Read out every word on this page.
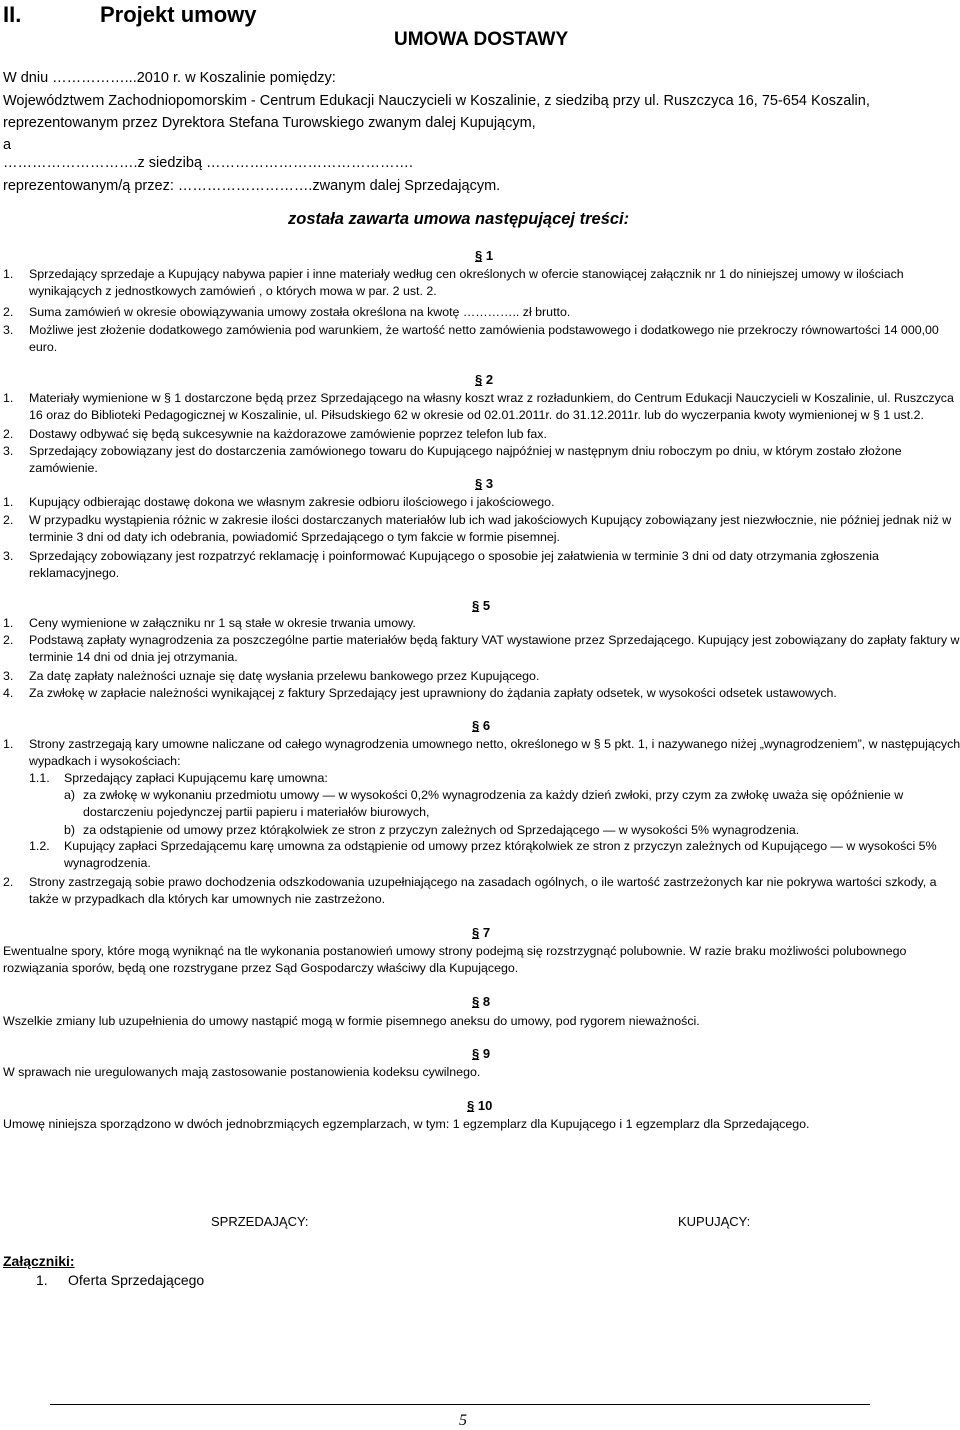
II.	Projekt umowy
UMOWA DOSTAWY
W dniu ……………...2010 r. w Koszalinie pomiędzy:
Województwem Zachodniopomorskim - Centrum Edukacji Nauczycieli w Koszalinie, z siedzibą przy ul. Ruszczyca 16, 75-654 Koszalin,
reprezentowanym przez Dyrektora Stefana Turowskiego zwanym dalej Kupującym,
a
……………………….z siedzibą …………………………………….
reprezentowanym/ą przez: ……………………….zwanym dalej Sprzedającym.
została zawarta umowa następującej treści:
§ 1
1. Sprzedający sprzedaje a Kupujący nabywa papier i inne materiały według cen określonych w ofercie stanowiącej załącznik nr 1 do niniejszej umowy w ilościach wynikających z jednostkowych zamówień , o których mowa w par. 2 ust. 2.
2. Suma zamówień w okresie obowiązywania umowy została określona na kwotę ………….. zł brutto.
3. Możliwe jest złożenie dodatkowego zamówienia pod warunkiem, że wartość netto zamówienia podstawowego i dodatkowego nie przekroczy równowartości 14 000,00 euro.
§ 2
1. Materiały wymienione w § 1 dostarczone będą przez Sprzedającego na własny koszt wraz z rozładunkiem, do Centrum Edukacji Nauczycieli w Koszalinie, ul. Ruszczyca 16 oraz do Biblioteki Pedagogicznej w Koszalinie, ul. Piłsudskiego 62 w okresie od 02.01.2011r. do 31.12.2011r. lub do wyczerpania kwoty wymienionej w § 1 ust.2.
2. Dostawy odbywać się będą sukcesywnie na każdorazowe zamówienie poprzez telefon lub fax.
3. Sprzedający zobowiązany jest do dostarczenia zamówionego towaru do Kupującego najpóźniej w następnym dniu roboczym po dniu, w którym zostało złożone zamówienie.
§ 3
1. Kupujący odbierając dostawę dokona we własnym zakresie odbioru ilościowego i jakościowego.
2. W przypadku wystąpienia różnic w zakresie ilości dostarczanych materiałów lub ich wad jakościowych Kupujący zobowiązany jest niezwłocznie, nie później jednak niż w terminie 3 dni od daty ich odebrania, powiadomić Sprzedającego o tym fakcie w formie pisemnej.
3. Sprzedający zobowiązany jest rozpatrzyć reklamację i poinformować Kupującego o sposobie jej załatwienia w terminie 3 dni od daty otrzymania zgłoszenia reklamacyjnego.
§ 5
1. Ceny wymienione w załączniku nr 1 są stałe w okresie trwania umowy.
2. Podstawą zapłaty wynagrodzenia za poszczególne partie materiałów będą faktury VAT wystawione przez Sprzedającego. Kupujący jest zobowiązany do zapłaty faktury w terminie 14 dni od dnia jej otrzymania.
3. Za datę zapłaty należności uznaje się datę wysłania przelewu bankowego przez Kupującego.
4. Za zwłokę w zapłacie należności wynikającej z faktury Sprzedający jest uprawniony do żądania zapłaty odsetek, w wysokości odsetek ustawowych.
§ 6
1. Strony zastrzegają kary umowne naliczane od całego wynagrodzenia umownego netto, określonego w § 5 pkt. 1, i nazywanego niżej „wynagrodzeniem”, w następujących wypadkach i wysokościach:
1.1. Sprzedający zapłaci Kupującemu karę umowna:
a) za zwłokę w wykonaniu przedmiotu umowy — w wysokości 0,2% wynagrodzenia za każdy dzień zwłoki, przy czym za zwłokę uważa się opóźnienie w dostarczeniu pojedynczej partii papieru i materiałów biurowych,
b) za odstąpienie od umowy przez którąkolwiek ze stron z przyczyn zależnych od Sprzedającego — w wysokości 5% wynagrodzenia.
1.2. Kupujący zapłaci Sprzedającemu karę umowna za odstąpienie od umowy przez którąkolwiek ze stron z przyczyn zależnych od Kupującego — w wysokości 5% wynagrodzenia.
2. Strony zastrzegają sobie prawo dochodzenia odszkodowania uzupełniającego na zasadach ogólnych, o ile wartość zastrzeżonych kar nie pokrywa wartości szkody, a także w przypadkach dla których kar umownych nie zastrzeżono.
§ 7
Ewentualne spory, które mogą wyniknąć na tle wykonania postanowień umowy strony podejmą się rozstrzygnąć polubownie. W razie braku możliwości polubownego rozwiązania sporów, będą one rozstrygane przez Sąd Gospodarczy właściwy dla Kupującego.
§ 8
Wszelkie zmiany lub uzupełnienia do umowy nastąpić mogą w formie pisemnego aneksu do umowy, pod rygorem nieważności.
§ 9
W sprawach nie uregulowanych mają zastosowanie postanowienia kodeksu cywilnego.
§ 10
Umowę niniejsza sporządzono w dwóch jednobrzmiących egzemplarzach, w tym: 1 egzemplarz dla Kupującego i 1 egzemplarz dla Sprzedającego.
SPRZEDAJĄCY:	KUPUJĄCY:
Załączniki:
1. Oferta Sprzedającego
5
